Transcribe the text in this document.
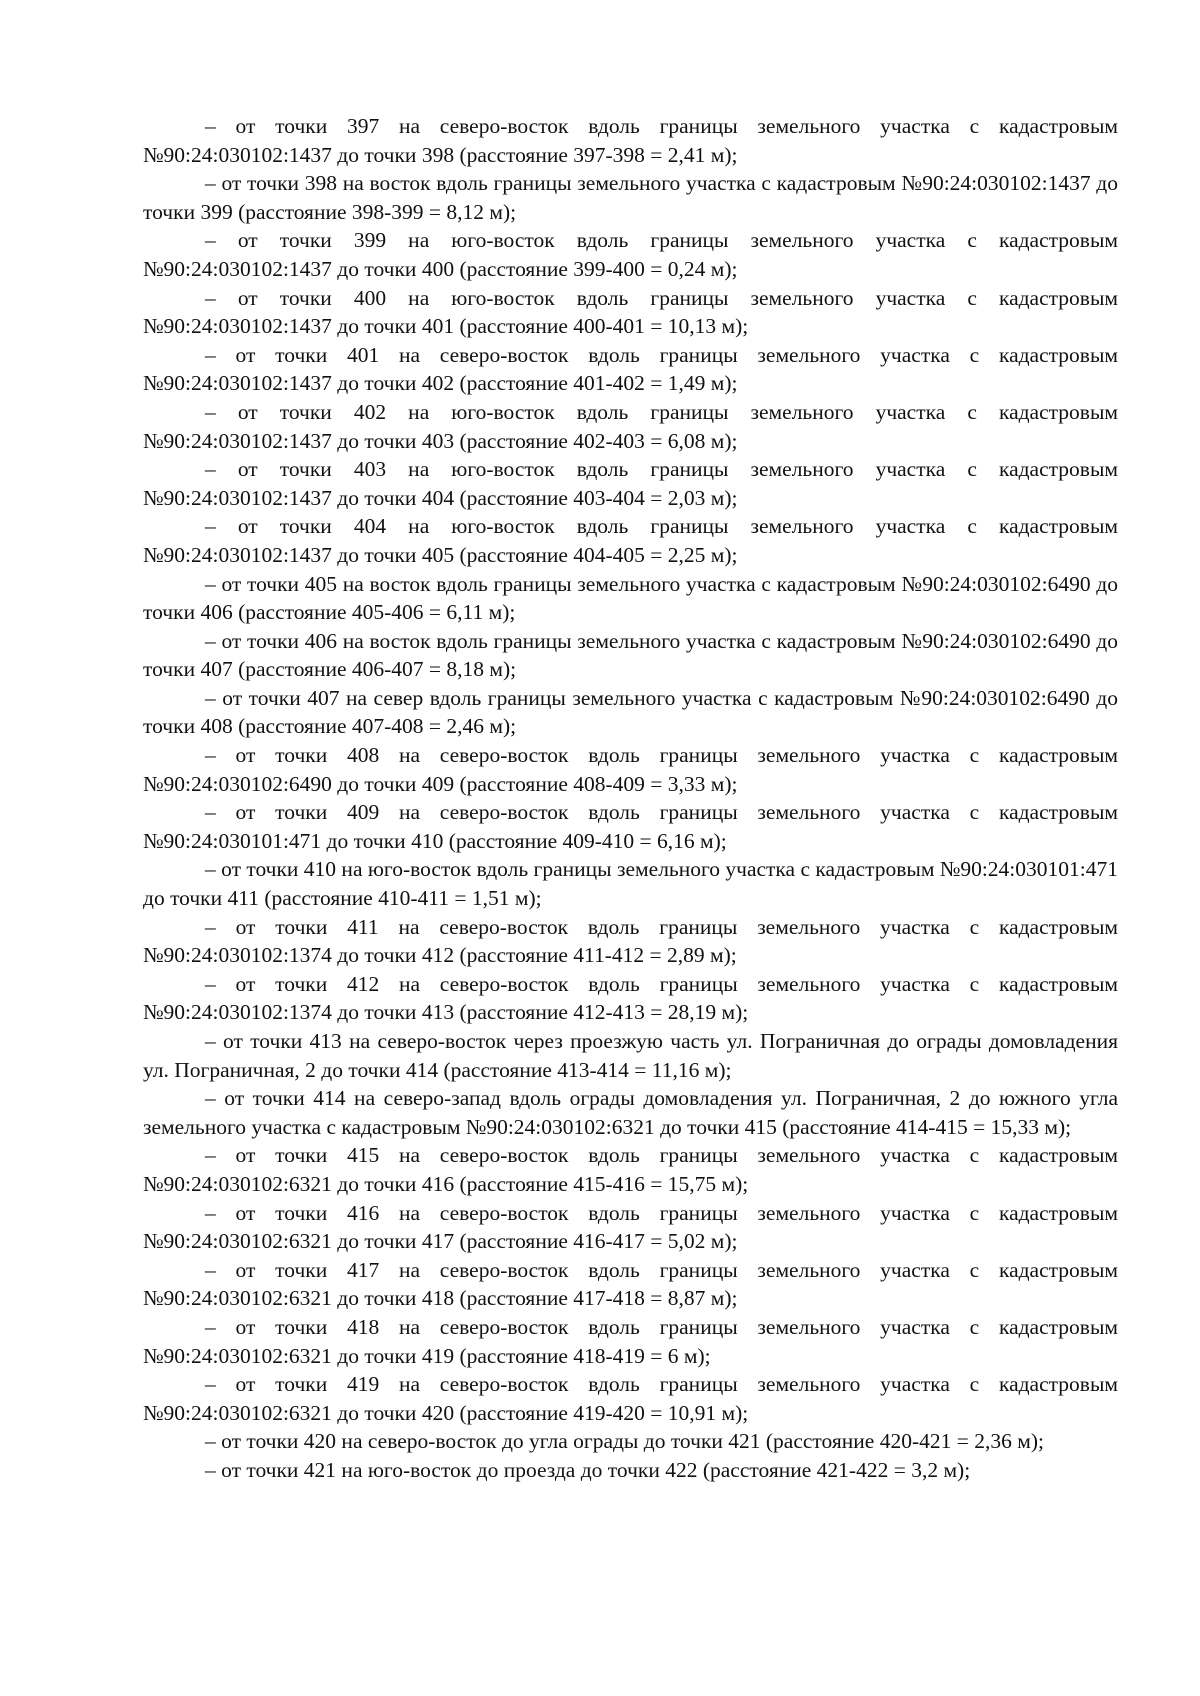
– от точки 397 на северо-восток вдоль границы земельного участка с кадастровым №90:24:030102:1437 до точки 398 (расстояние 397-398 = 2,41 м);

– от точки 398 на восток вдоль границы земельного участка с кадастровым №90:24:030102:1437 до точки 399 (расстояние 398-399 = 8,12 м);

– от точки 399 на юго-восток вдоль границы земельного участка с кадастровым №90:24:030102:1437 до точки 400 (расстояние 399-400 = 0,24 м);

– от точки 400 на юго-восток вдоль границы земельного участка с кадастровым №90:24:030102:1437 до точки 401 (расстояние 400-401 = 10,13 м);

– от точки 401 на северо-восток вдоль границы земельного участка с кадастровым №90:24:030102:1437 до точки 402 (расстояние 401-402 = 1,49 м);

– от точки 402 на юго-восток вдоль границы земельного участка с кадастровым №90:24:030102:1437 до точки 403 (расстояние 402-403 = 6,08 м);

– от точки 403 на юго-восток вдоль границы земельного участка с кадастровым №90:24:030102:1437 до точки 404 (расстояние 403-404 = 2,03 м);

– от точки 404 на юго-восток вдоль границы земельного участка с кадастровым №90:24:030102:1437 до точки 405 (расстояние 404-405 = 2,25 м);

– от точки 405 на восток вдоль границы земельного участка с кадастровым №90:24:030102:6490 до точки 406 (расстояние 405-406 = 6,11 м);

– от точки 406 на восток вдоль границы земельного участка с кадастровым №90:24:030102:6490 до точки 407 (расстояние 406-407 = 8,18 м);

– от точки 407 на север вдоль границы земельного участка с кадастровым №90:24:030102:6490 до точки 408 (расстояние 407-408 = 2,46 м);

– от точки 408 на северо-восток вдоль границы земельного участка с кадастровым №90:24:030102:6490 до точки 409 (расстояние 408-409 = 3,33 м);

– от точки 409 на северо-восток вдоль границы земельного участка с кадастровым №90:24:030101:471 до точки 410 (расстояние 409-410 = 6,16 м);

– от точки 410 на юго-восток вдоль границы земельного участка с кадастровым №90:24:030101:471 до точки 411 (расстояние 410-411 = 1,51 м);

– от точки 411 на северо-восток вдоль границы земельного участка с кадастровым №90:24:030102:1374 до точки 412 (расстояние 411-412 = 2,89 м);

– от точки 412 на северо-восток вдоль границы земельного участка с кадастровым №90:24:030102:1374 до точки 413 (расстояние 412-413 = 28,19 м);

– от точки 413 на северо-восток через проезжую часть ул. Пограничная до ограды домовладения ул. Пограничная, 2 до точки 414 (расстояние 413-414 = 11,16 м);

– от точки 414 на северо-запад вдоль ограды домовладения ул. Пограничная, 2 до южного угла земельного участка с кадастровым №90:24:030102:6321 до точки 415 (расстояние 414-415 = 15,33 м);

– от точки 415 на северо-восток вдоль границы земельного участка с кадастровым №90:24:030102:6321 до точки 416 (расстояние 415-416 = 15,75 м);

– от точки 416 на северо-восток вдоль границы земельного участка с кадастровым №90:24:030102:6321 до точки 417 (расстояние 416-417 = 5,02 м);

– от точки 417 на северо-восток вдоль границы земельного участка с кадастровым №90:24:030102:6321 до точки 418 (расстояние 417-418 = 8,87 м);

– от точки 418 на северо-восток вдоль границы земельного участка с кадастровым №90:24:030102:6321 до точки 419 (расстояние 418-419 = 6 м);

– от точки 419 на северо-восток вдоль границы земельного участка с кадастровым №90:24:030102:6321 до точки 420 (расстояние 419-420 = 10,91 м);

– от точки 420 на северо-восток до угла ограды до точки 421 (расстояние 420-421 = 2,36 м);

– от точки 421 на юго-восток до проезда до точки 422 (расстояние 421-422 = 3,2 м);
